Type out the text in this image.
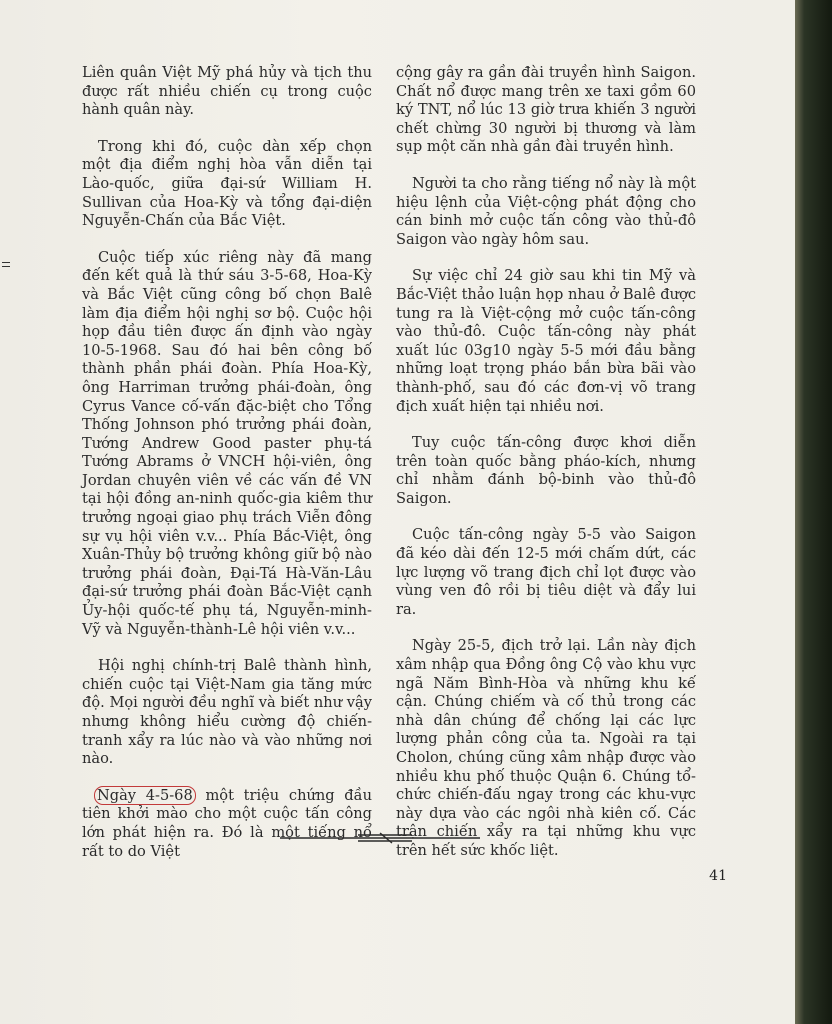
Liên quân Việt Mỹ phá hủy và tịch thu được rất nhiều chiến cụ trong cuộc hành quân này.

Trong khi đó, cuộc dàn xếp chọn một địa điểm nghị hòa vẫn diễn tại Lào-quốc, giữa đại-sứ William H. Sullivan của Hoa-Kỳ và tổng đại-diện Nguyễn-Chấn của Bắc Việt.

Cuộc tiếp xúc riêng này đã mang đến kết quả là thứ sáu 3-5-68, Hoa-Kỳ và Bắc Việt cũng công bố chọn Balê làm địa điểm hội nghị sơ bộ. Cuộc hội họp đầu tiên được ấn định vào ngày 10-5-1968. Sau đó hai bên công bố thành phần phái đoàn. Phía Hoa-Kỳ, ông Harriman trưởng phái-đoàn, ông Cyrus Vance cố-vấn đặc-biệt cho Tổng Thống Johnson phó trưởng phái đoàn, Tướng Andrew Good paster phụ-tá Tướng Abrams ở VNCH hội-viên, ông Jordan chuyên viên về các vấn đề VN tại hội đồng an-ninh quốc-gia kiêm thư trưởng ngoại giao phụ trách Viễn đông sự vụ hội viên v.v... Phía Bắc-Việt, ông Xuân-Thủy bộ trưởng không giữ bộ nào trưởng phái đoàn, Đại-Tá Hà-Văn-Lâu đại-sứ trưởng phái đoàn Bắc-Việt cạnh Ủy-hội quốc-tế phụ tá, Nguyễn-minh-Vỹ và Nguyễn-thành-Lê hội viên v.v...

Hội nghị chính-trị Balê thành hình, chiến cuộc tại Việt-Nam gia tăng mức độ. Mọi người đều nghĩ và biết như vậy nhưng không hiểu cường độ chiến-tranh xẩy ra lúc nào và vào những nơi nào.

Ngày 4-5-68 một triệu chứng đầu tiên khởi mào cho một cuộc tấn công lớn phát hiện ra. Đó là một tiếng nổ rất to do Việt

cộng gây ra gần đài truyền hình Saigon. Chất nổ được mang trên xe taxi gồm 60 ký TNT, nổ lúc 13 giờ trưa khiến 3 người chết chừng 30 người bị thương và làm sụp một căn nhà gần đài truyền hình.

Người ta cho rằng tiếng nổ này là một hiệu lệnh của Việt-cộng phát động cho cán binh mở cuộc tấn công vào thủ-đô Saigon vào ngày hôm sau.

Sự việc chỉ 24 giờ sau khi tin Mỹ và Bắc-Việt thảo luận họp nhau ở Balê được tung ra là Việt-cộng mở cuộc tấn-công vào thủ-đô. Cuộc tấn-công này phát xuất lúc 03g10 ngày 5-5 mới đầu bằng những loạt trọng pháo bắn bừa bãi vào thành-phố, sau đó các đơn-vị võ trang địch xuất hiện tại nhiều nơi.

Tuy cuộc tấn-công được khơi diễn trên toàn quốc bằng pháo-kích, nhưng chỉ nhằm đánh bộ-binh vào thủ-đô Saigon.

Cuộc tấn-công ngày 5-5 vào Saigon đã kéo dài đến 12-5 mới chấm dứt, các lực lượng võ trang địch chỉ lọt được vào vùng ven đô rồi bị tiêu diệt và đẩy lui ra.

Ngày 25-5, địch trở lại. Lần này địch xâm nhập qua Đồng ông Cộ vào khu vực ngã Năm Bình-Hòa và những khu kế cận. Chúng chiếm và cố thủ trong các nhà dân chúng để chống lại các lực lượng phản công của ta. Ngoài ra tại Cholon, chúng cũng xâm nhập được vào nhiều khu phố thuộc Quận 6. Chúng tổ-chức chiến-đấu ngay trong các khu-vực này dựa vào các ngôi nhà kiên cố. Các trận chiến xẩy ra tại những khu vực trên hết sức khốc liệt.

41
